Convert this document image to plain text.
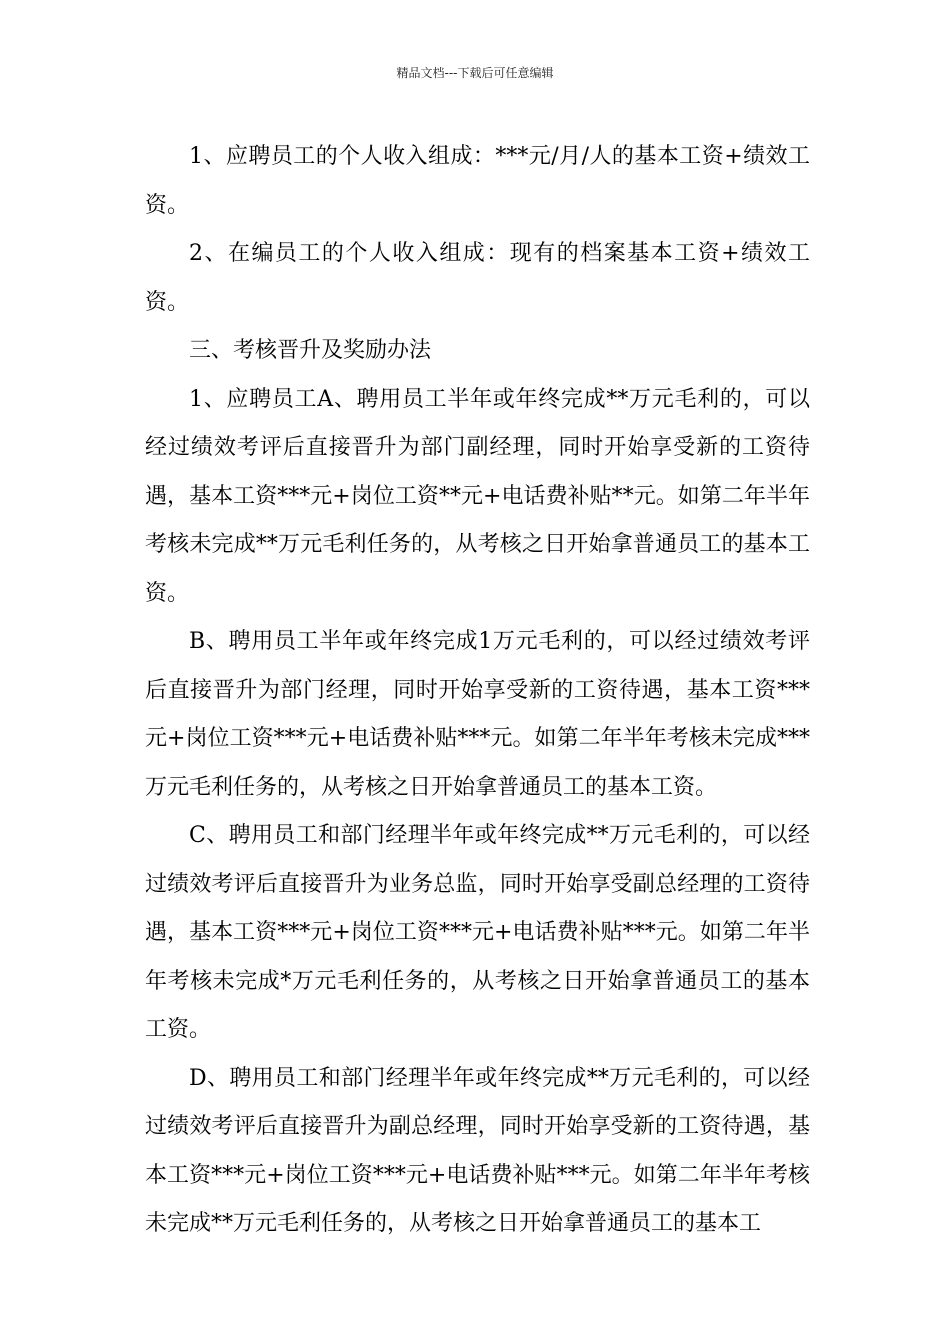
精品文档---下载后可任意编辑

1、应聘员工的个人收入组成：***元/月/人的基本工资+绩效工资。

2、在编员工的个人收入组成：现有的档案基本工资+绩效工资。

三、考核晋升及奖励办法

1、应聘员工A、聘用员工半年或年终完成**万元毛利的，可以经过绩效考评后直接晋升为部门副经理，同时开始享受新的工资待遇，基本工资***元+岗位工资**元+电话费补贴**元。如第二年半年考核未完成**万元毛利任务的，从考核之日开始拿普通员工的基本工资。

B、聘用员工半年或年终完成1万元毛利的，可以经过绩效考评后直接晋升为部门经理，同时开始享受新的工资待遇，基本工资***元+岗位工资***元+电话费补贴***元。如第二年半年考核未完成***万元毛利任务的，从考核之日开始拿普通员工的基本工资。

C、聘用员工和部门经理半年或年终完成**万元毛利的，可以经过绩效考评后直接晋升为业务总监，同时开始享受副总经理的工资待遇，基本工资***元+岗位工资***元+电话费补贴***元。如第二年半年考核未完成*万元毛利任务的，从考核之日开始拿普通员工的基本工资。

D、聘用员工和部门经理半年或年终完成**万元毛利的，可以经过绩效考评后直接晋升为副总经理，同时开始享受新的工资待遇，基本工资***元+岗位工资***元+电话费补贴***元。如第二年半年考核未完成**万元毛利任务的，从考核之日开始拿普通员工的基本工
